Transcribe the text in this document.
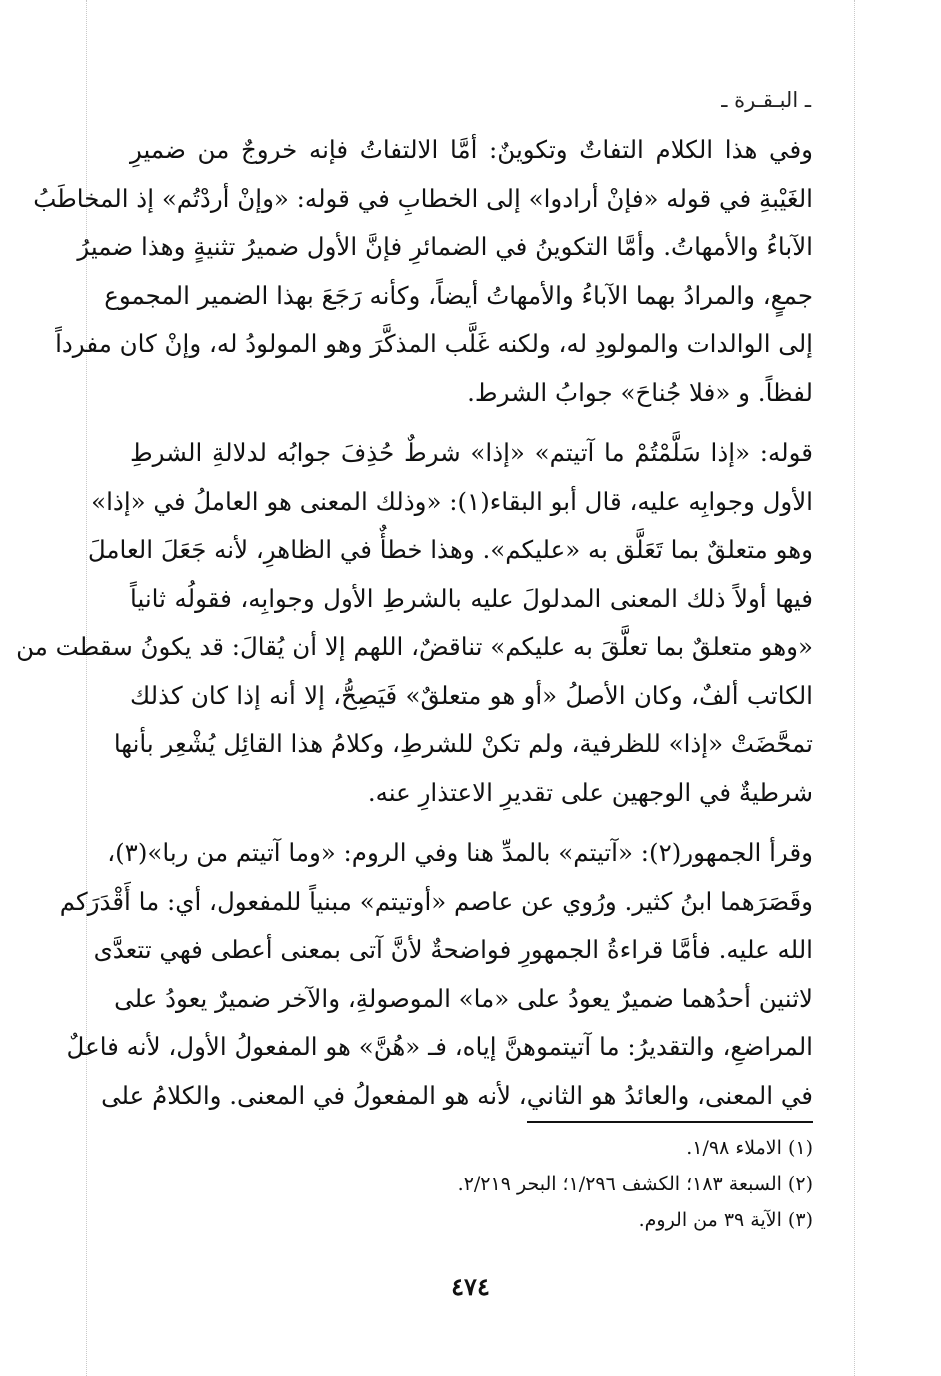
ـ البـقـرة ـ

وفي هذا الكلام التفاتٌ وتكوينٌ: أمَّا الالتفاتُ فإنه خروجٌ من ضميرِ
الغَيْبةِ في قوله «فإنْ أرادوا» إلى الخطابِ في قوله: «وإنْ أردْتُم» إذ المخاطَبُ
الآباءُ والأمهاتُ. وأمَّا التكوينُ في الضمائرِ فإنَّ الأول ضميرُ تثنيةٍ وهذا ضميرُ
جمعٍ، والمرادُ بهما الآباءُ والأمهاتُ أيضاً، وكأنه رَجَعَ بهذا الضمير المجموع
إلى الوالدات والمولودِ له، ولكنه غَلَّب المذكَّرَ وهو المولودُ له، وإنْ كان مفرداً
لفظاً. و «فلا جُناحَ» جوابُ الشرط.

قوله: «إذا سَلَّمْتُمْ ما آتيتم» «إذا» شرطٌ حُذِفَ جوابُه لدلالةِ الشرطِ
الأول وجوابِه عليه، قال أبو البقاء(١): «وذلك المعنى هو العاملُ في «إذا»
وهو متعلقٌ بما تَعَلَّق به «عليكم». وهذا خطأٌ في الظاهرِ، لأنه جَعَلَ العاملَ
فيها أولاً ذلك المعنى المدلولَ عليه بالشرطِ الأول وجوابِه، فقولُه ثانياً
«وهو متعلقٌ بما تعلَّقَ به عليكم» تناقضٌ، اللهم إلا أن يُقالَ: قد يكونُ سقطت من
الكاتب ألفٌ، وكان الأصلُ «أو هو متعلقٌ» فَيَصِحُّ، إلا أنه إذا كان كذلك
تمحَّضَتْ «إذا» للظرفية، ولم تكنْ للشرطِ، وكلامُ هذا القائِل يُشْعِر بأنها
شرطيةٌ في الوجهين على تقديرِ الاعتذارِ عنه.

وقرأ الجمهور(٢): «آتيتم» بالمدِّ هنا وفي الروم: «وما آتيتم من ربا»(٣)،
وقَصَرَهما ابنُ كثير. ورُوي عن عاصم «أوتيتم» مبنياً للمفعول، أي: ما أَقْدَرَكم
الله عليه. فأمَّا قراءةُ الجمهورِ فواضحةٌ لأنَّ آتى بمعنى أعطى فهي تتعدَّى
لاثنين أحدُهما ضميرٌ يعودُ على «ما» الموصولةِ، والآخر ضميرٌ يعودُ على
المراضعِ، والتقديرُ: ما آتيتموهنَّ إياه، فـ «هُنَّ» هو المفعولُ الأول، لأنه فاعلٌ
في المعنى، والعائدُ هو الثاني، لأنه هو المفعولُ في المعنى. والكلامُ على

(١) الاملاء ١/٩٨.
(٢) السبعة ١٨٣؛ الكشف ١/٢٩٦؛ البحر ٢/٢١٩.
(٣) الآية ٣٩ من الروم.
٤٧٤
